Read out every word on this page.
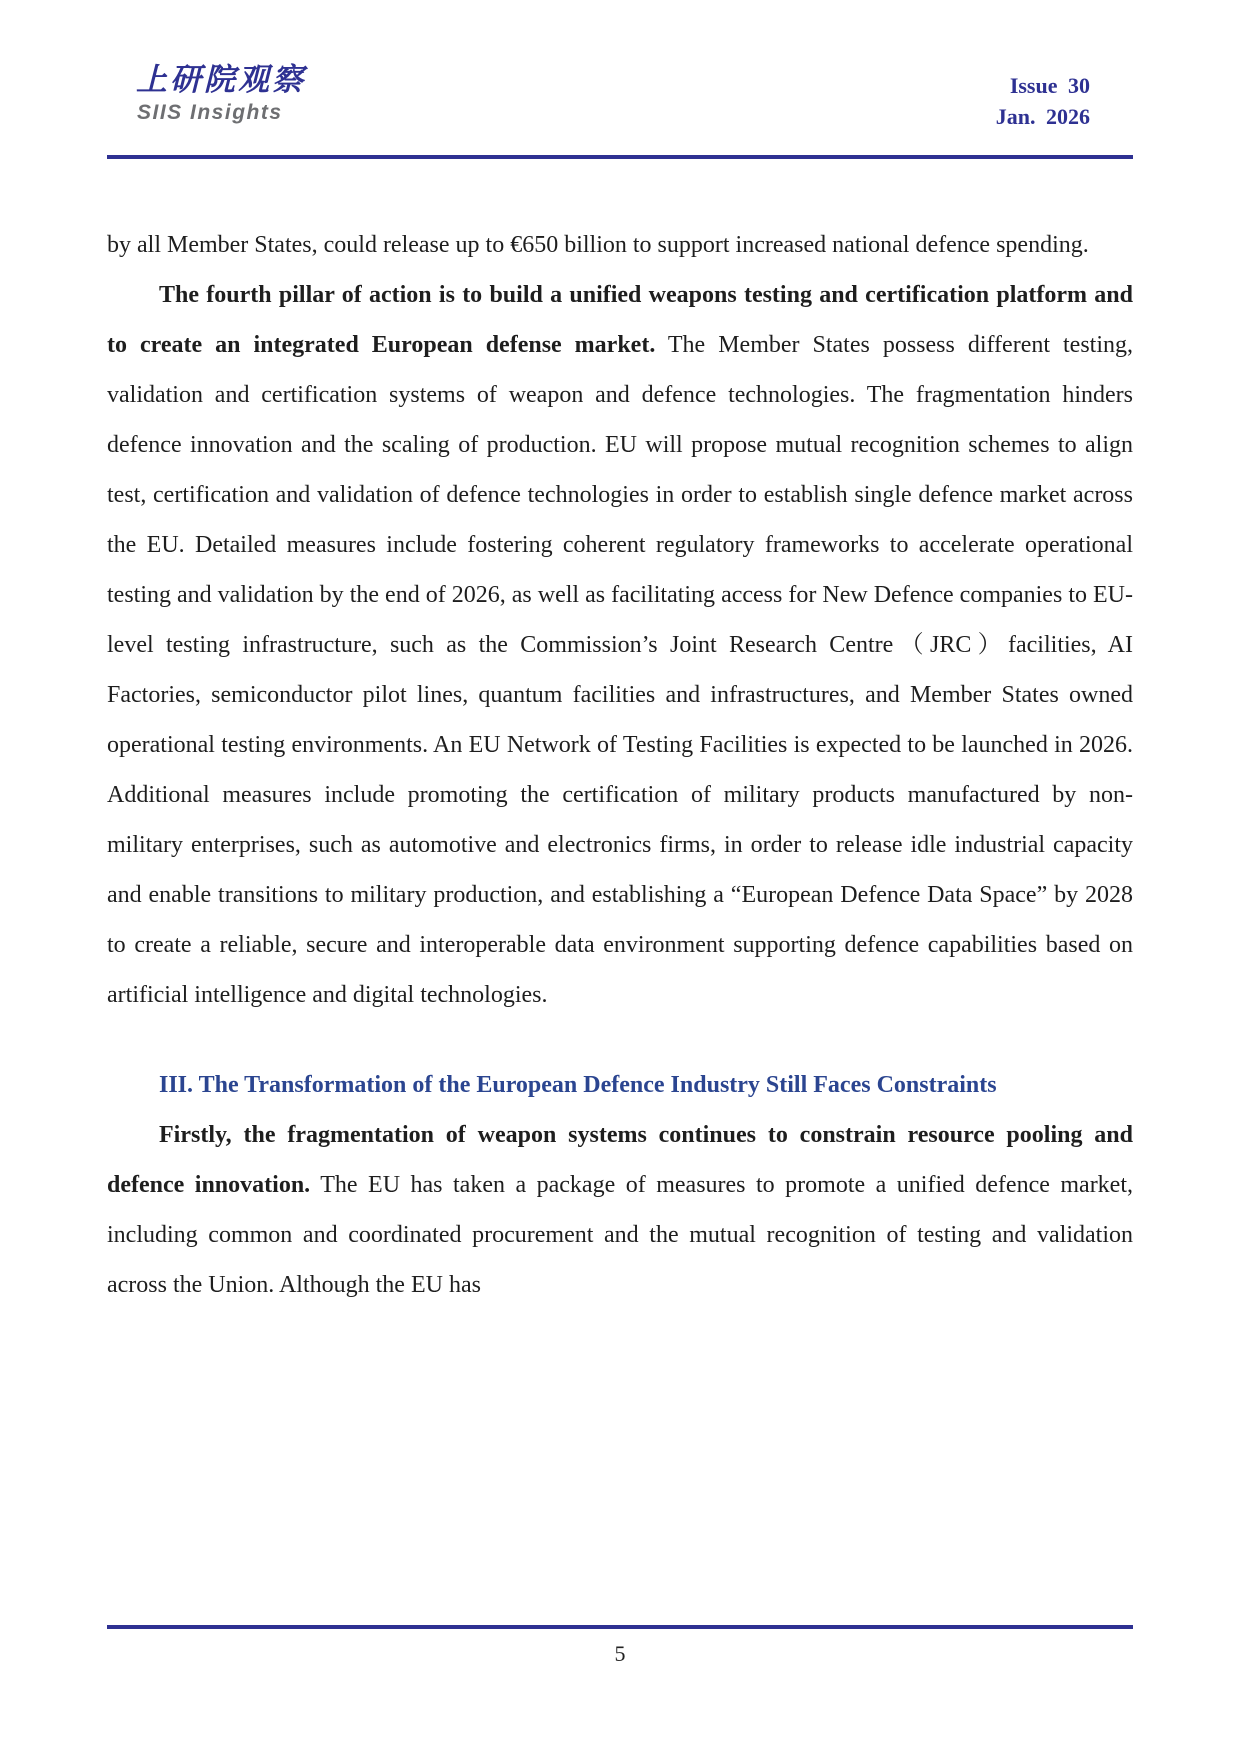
上研院观察
SIIS Insights
Issue 30
Jan. 2026

by all Member States, could release up to €650 billion to support increased national defence spending.

The fourth pillar of action is to build a unified weapons testing and certification platform and to create an integrated European defense market. The Member States possess different testing, validation and certification systems of weapon and defence technologies. The fragmentation hinders defence innovation and the scaling of production. EU will propose mutual recognition schemes to align test, certification and validation of defence technologies in order to establish single defence market across the EU. Detailed measures include fostering coherent regulatory frameworks to accelerate operational testing and validation by the end of 2026, as well as facilitating access for New Defence companies to EU-level testing infrastructure, such as the Commission’s Joint Research Centre（JRC）facilities, AI Factories, semiconductor pilot lines, quantum facilities and infrastructures, and Member States owned operational testing environments. An EU Network of Testing Facilities is expected to be launched in 2026. Additional measures include promoting the certification of military products manufactured by non-military enterprises, such as automotive and electronics firms, in order to release idle industrial capacity and enable transitions to military production, and establishing a “European Defence Data Space” by 2028 to create a reliable, secure and interoperable data environment supporting defence capabilities based on artificial intelligence and digital technologies.

III. The Transformation of the European Defence Industry Still Faces Constraints

Firstly, the fragmentation of weapon systems continues to constrain resource pooling and defence innovation. The EU has taken a package of measures to promote a unified defence market, including common and coordinated procurement and the mutual recognition of testing and validation across the Union. Although the EU has

5
